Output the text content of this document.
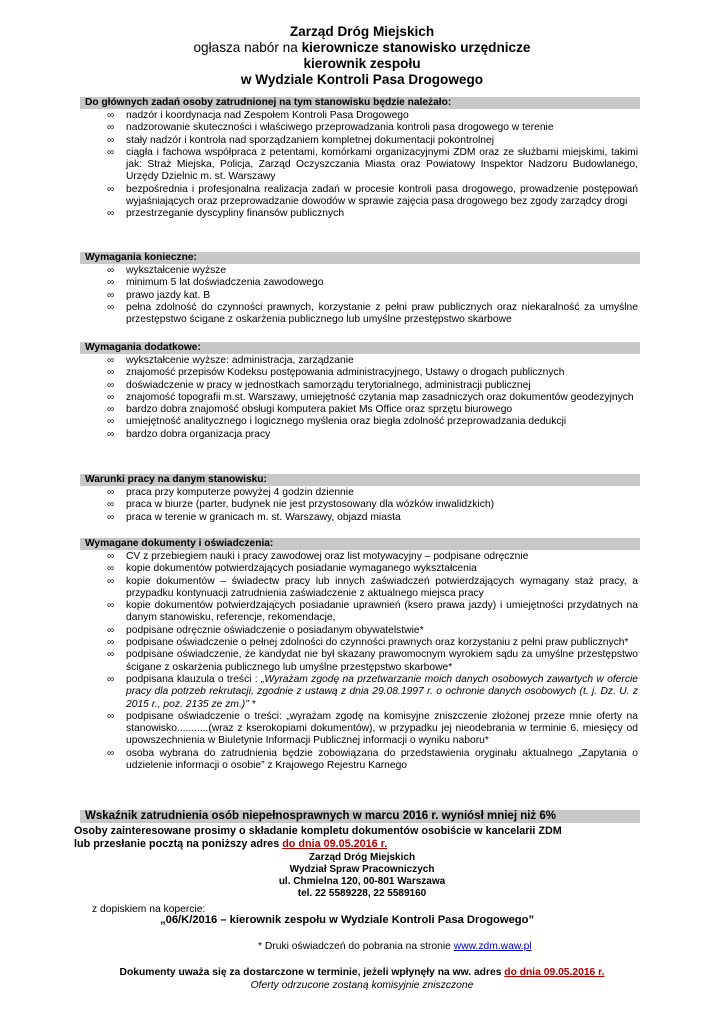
Zarząd Dróg Miejskich
ogłasza nabór na kierownicze stanowisko urzędnicze
kierownik zespołu
w Wydziale Kontroli Pasa Drogowego
Do głównych zadań osoby zatrudnionej na tym stanowisku będzie należało:
∞ nadzór i koordynacja nad Zespołem Kontroli Pasa Drogowego
∞ nadzorowanie skuteczności i właściwego przeprowadzania kontroli pasa drogowego w terenie
∞ stały nadzór i kontrola nad sporządzaniem kompletnej dokumentacji pokontrolnej
∞ ciągła i fachowa współpraca z petentami, komórkami organizacyjnymi ZDM oraz ze służbami miejskimi, takimi jak: Straż Miejska, Policja, Zarząd Oczyszczania Miasta oraz Powiatowy Inspektor Nadzoru Budowlanego, Urzędy Dzielnic m. st. Warszawy
∞ bezpośrednia i profesjonalna realizacja zadań w procesie kontroli pasa drogowego, prowadzenie postępowań wyjaśniających oraz przeprowadzanie dowodów w sprawie zajęcia pasa drogowego bez zgody zarządcy drogi
∞ przestrzeganie dyscypliny finansów publicznych
Wymagania konieczne:
∞ wykształcenie wyższe
∞ minimum 5 lat doświadczenia zawodowego
∞ prawo jazdy kat. B
∞ pełna zdolność do czynności prawnych, korzystanie z pełni praw publicznych oraz niekaralność za umyślne przestępstwo ścigane z oskarżenia publicznego lub umyślne przestępstwo skarbowe
Wymagania dodatkowe:
∞ wykształcenie wyższe: administracja, zarządzanie
∞ znajomość przepisów Kodeksu postępowania administracyjnego, Ustawy o drogach publicznych
∞ doświadczenie w pracy w jednostkach samorządu terytorialnego, administracji publicznej
∞ znajomość topografii m.st. Warszawy, umiejętność czytania map zasadniczych oraz dokumentów geodezyjnych
∞ bardzo dobra znajomość obsługi komputera pakiet Ms Office oraz sprzętu biurowego
∞ umiejętność analitycznego i logicznego myślenia oraz biegła zdolność przeprowadzania dedukcji
∞ bardzo dobra organizacja pracy
Warunki pracy na danym stanowisku:
∞ praca przy komputerze powyżej 4 godzin dziennie
∞ praca w biurze (parter, budynek nie jest przystosowany dla wózków inwalidzkich)
∞ praca w terenie w granicach m. st. Warszawy, objazd miasta
Wymagane dokumenty i oświadczenia:
∞ CV z przebiegiem nauki i pracy zawodowej oraz list motywacyjny – podpisane odręcznie
∞ kopie dokumentów potwierdzających posiadanie wymaganego wykształcenia
∞ kopie dokumentów – świadectw pracy lub innych zaświadczeń potwierdzających wymagany staż pracy, a przypadku kontynuacji zatrudnienia zaświadczenie z aktualnego miejsca pracy
∞ kopie dokumentów potwierdzających posiadanie uprawnień (ksero prawa jazdy) i umiejętności przydatnych na danym stanowisku, referencje, rekomendacje,
∞ podpisane odręcznie oświadczenie o posiadanym obywatelstwie*
∞ podpisane oświadczenie o pełnej zdolności do czynności prawnych oraz korzystaniu z pełni praw publicznych*
∞ podpisane oświadczenie, że kandydat nie był skazany prawomocnym wyrokiem sądu za umyślne przestępstwo ścigane z oskarżenia publicznego lub umyślne przestępstwo skarbowe*
∞ podpisana klauzula o treści : „Wyrażam zgodę na przetwarzanie moich danych osobowych zawartych w ofercie pracy dla potrzeb rekrutacji, zgodnie z ustawą z dnia 29.08.1997 r. o ochronie danych osobowych (t. j. Dz. U. z 2015 r., poz. 2135 ze zm.)” *
∞ podpisane oświadczenie o treści: „wyrażam zgodę na komisyjne zniszczenie złożonej przeze mnie oferty na stanowisko...........(wraz z kserokopiami dokumentów), w przypadku jej nieodebrania w terminie 6. miesięcy od upowszechnienia w Biuletynie Informacji Publicznej informacji o wyniku naboru*
∞ osoba wybrana do zatrudnienia będzie zobowiązana do przedstawienia oryginału aktualnego „Zapytania o udzielenie informacji o osobie” z Krajowego Rejestru Karnego
Wskaźnik zatrudnienia osób niepełnosprawnych w marcu 2016 r. wyniósł mniej niż 6%
Osoby zainteresowane prosimy o składanie kompletu dokumentów osobiście w kancelarii ZDM
lub przesłanie pocztą na poniższy adres do dnia 09.05.2016 r.
Zarząd Dróg Miejskich
Wydział Spraw Pracowniczych
ul. Chmielna 120, 00-801 Warszawa
tel. 22 5589228, 22 5589160
z dopiskiem na kopercie:
„06/K/2016 – kierownik zespołu w Wydziale Kontroli Pasa Drogowego”
* Druki oświadczeń do pobrania na stronie www.zdm.waw.pl
Dokumenty uważa się za dostarczone w terminie, jeżeli wpłynęły na ww. adres do dnia 09.05.2016 r.
Oferty odrzucone zostaną komisyjnie zniszczone
